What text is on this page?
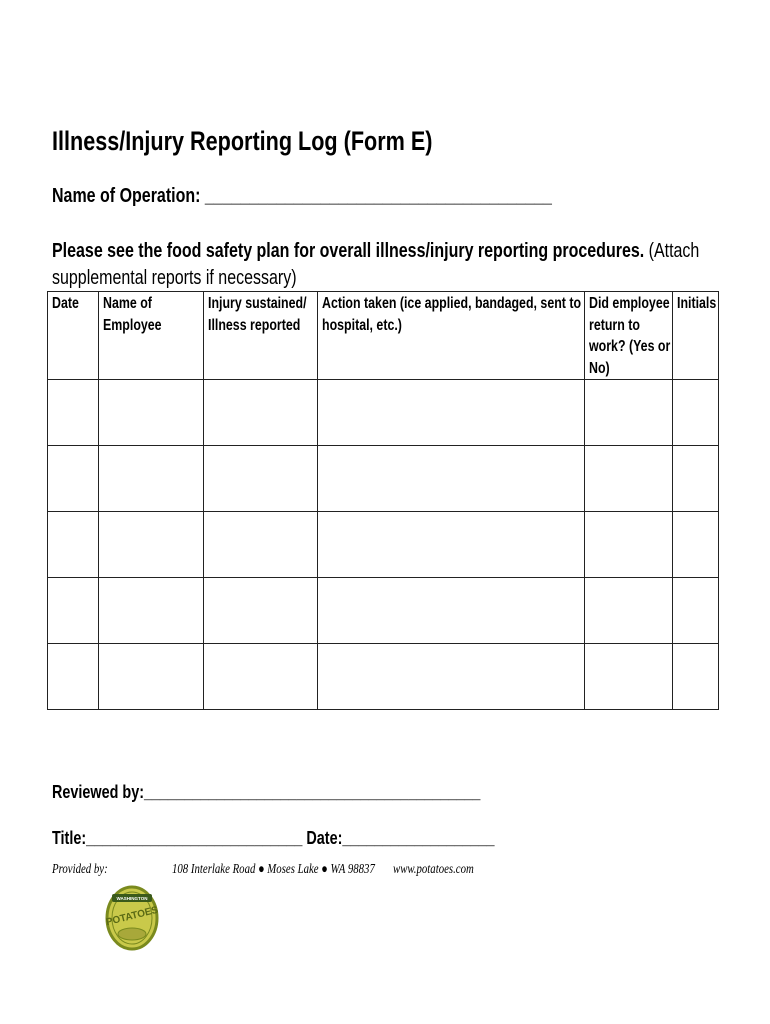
Illness/Injury Reporting Log (Form E)
Name of Operation: _______________________________________
Please see the food safety plan for overall illness/injury reporting procedures. (Attach supplemental reports if necessary)
Date	Name of Employee	Injury sustained/ Illness reported	Action taken (ice applied, bandaged, sent to hospital, etc.)	Did employee return to work? (Yes or No)	Initials

Reviewed by:__________________________________________
Title:___________________________ Date:___________________
Provided by:	108 Interlake Road ● Moses Lake ● WA 98837	www.potatoes.com
WASHINGTON
POTATOES
